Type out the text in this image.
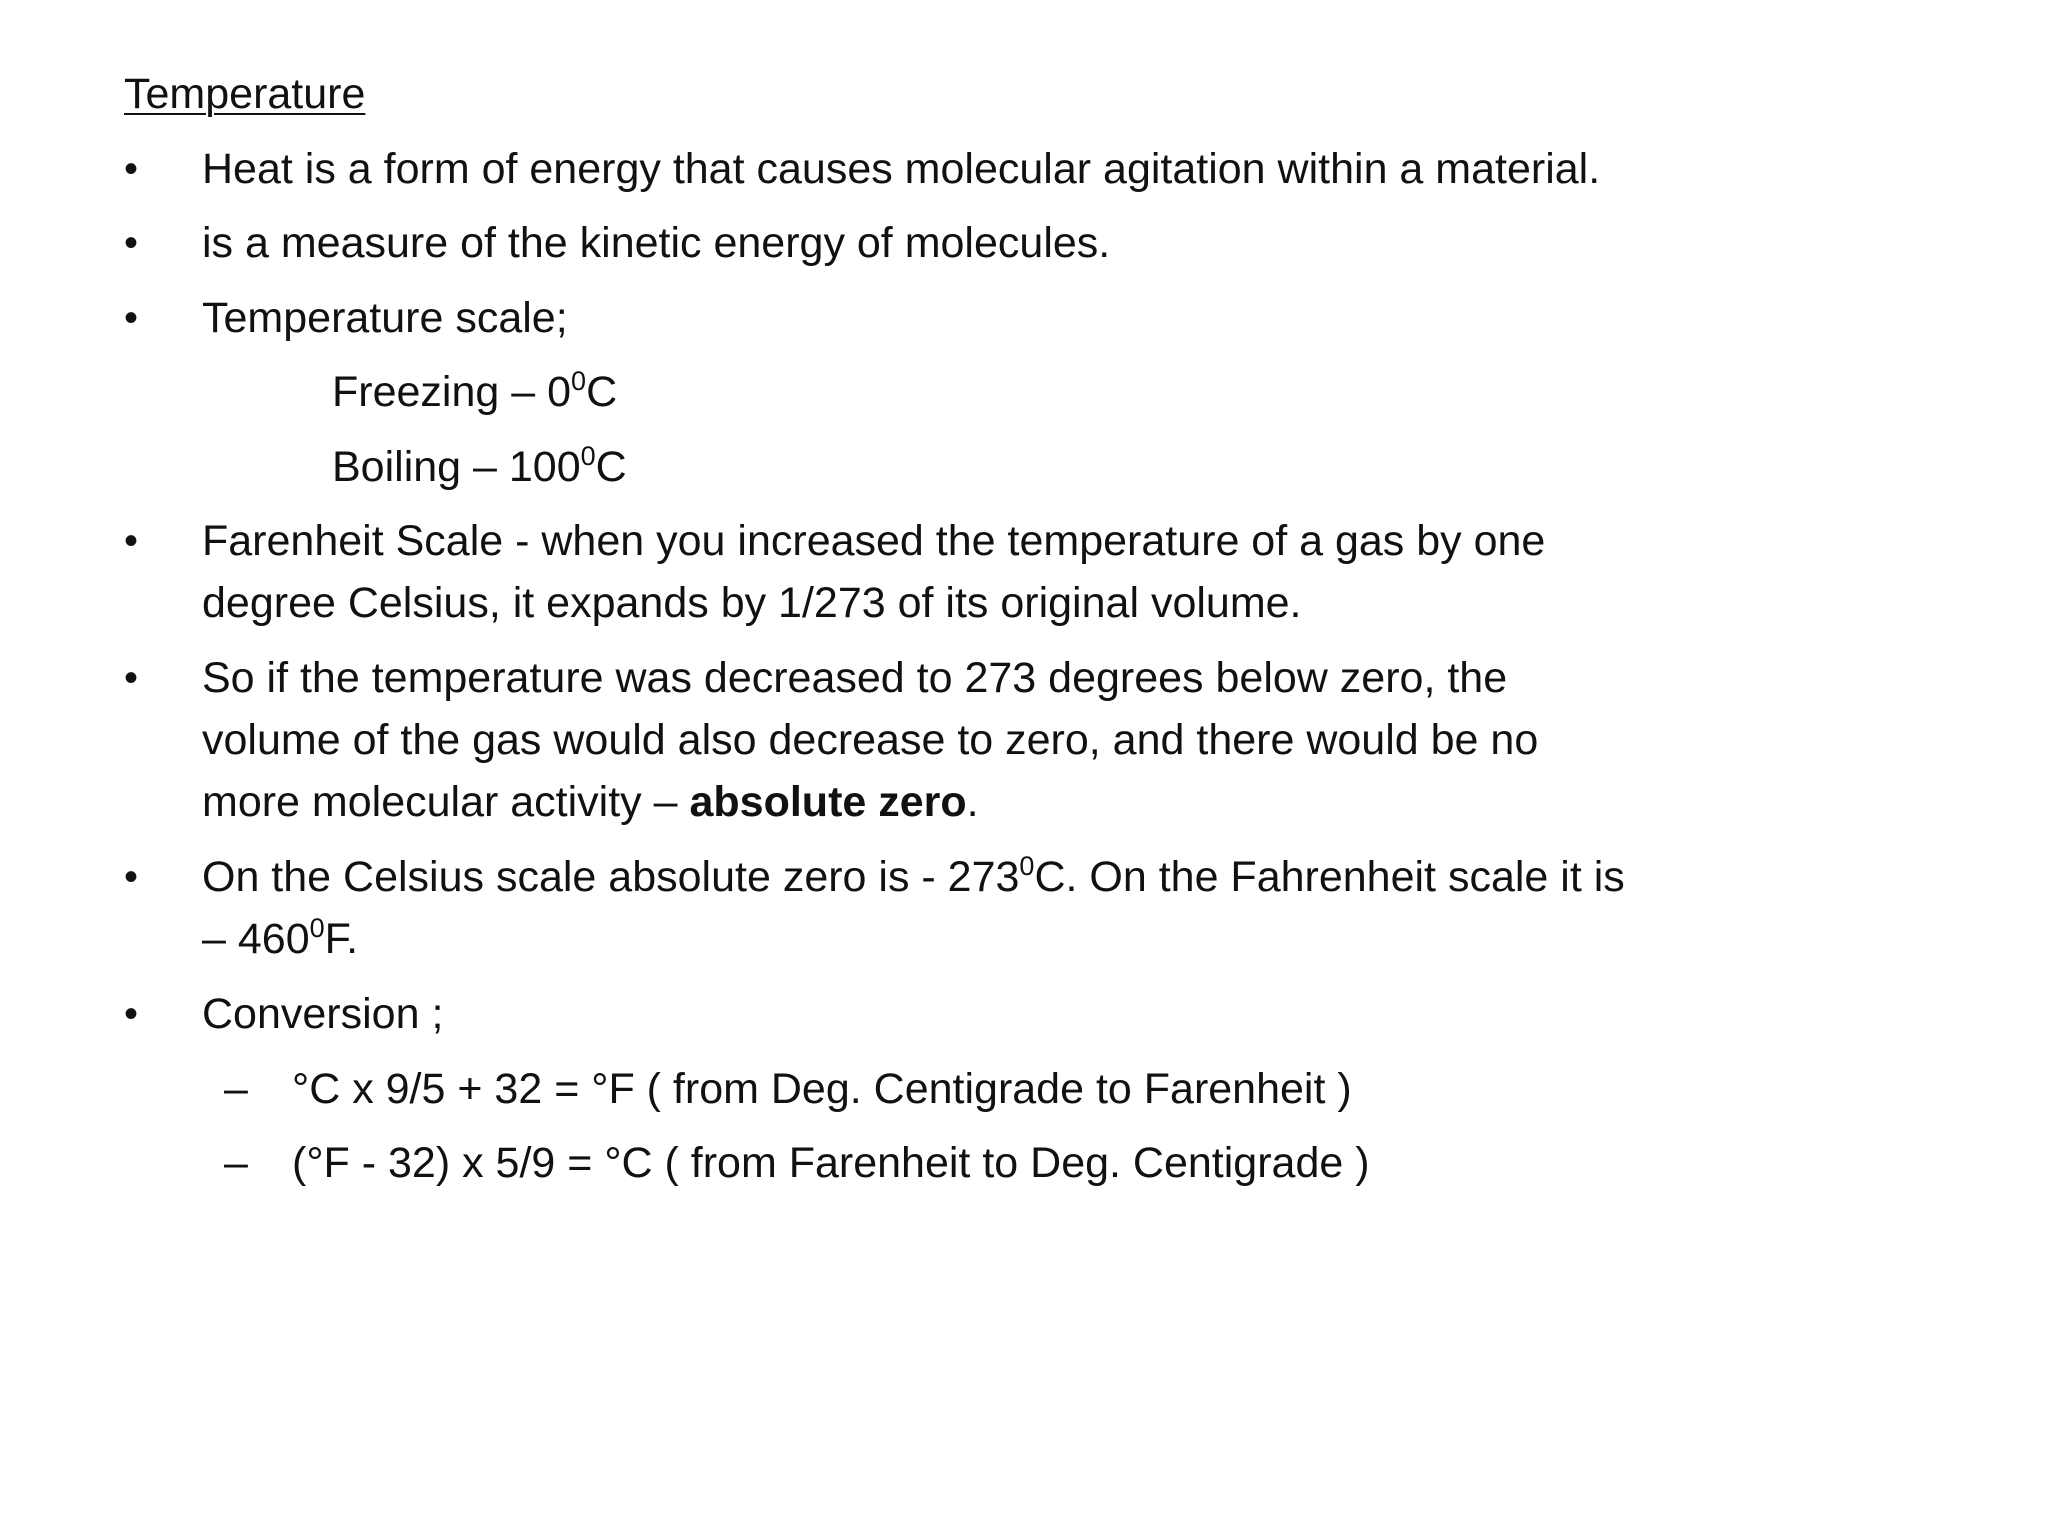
Temperature
• Heat is a form of energy that causes molecular agitation within a material.
• is a measure of the kinetic energy of molecules.
• Temperature scale;
Freezing – $0^0C$
Boiling – $100^0C$
• Farenheit Scale - when you increased the temperature of a gas by one
degree Celsius, it expands by 1/273 of its original volume.
• So if the temperature was decreased to 273 degrees below zero, the
volume of the gas would also decrease to zero, and there would be no
more molecular activity – absolute zero.
• On the Celsius scale absolute zero is - $273^0C$. On the Fahrenheit scale it is
– $460^0F$.
• Conversion ;
– °C x 9/5 + 32 = °F ( from Deg. Centigrade to Farenheit )
– (°F - 32) x 5/9 = °C ( from Farenheit to Deg. Centigrade )
